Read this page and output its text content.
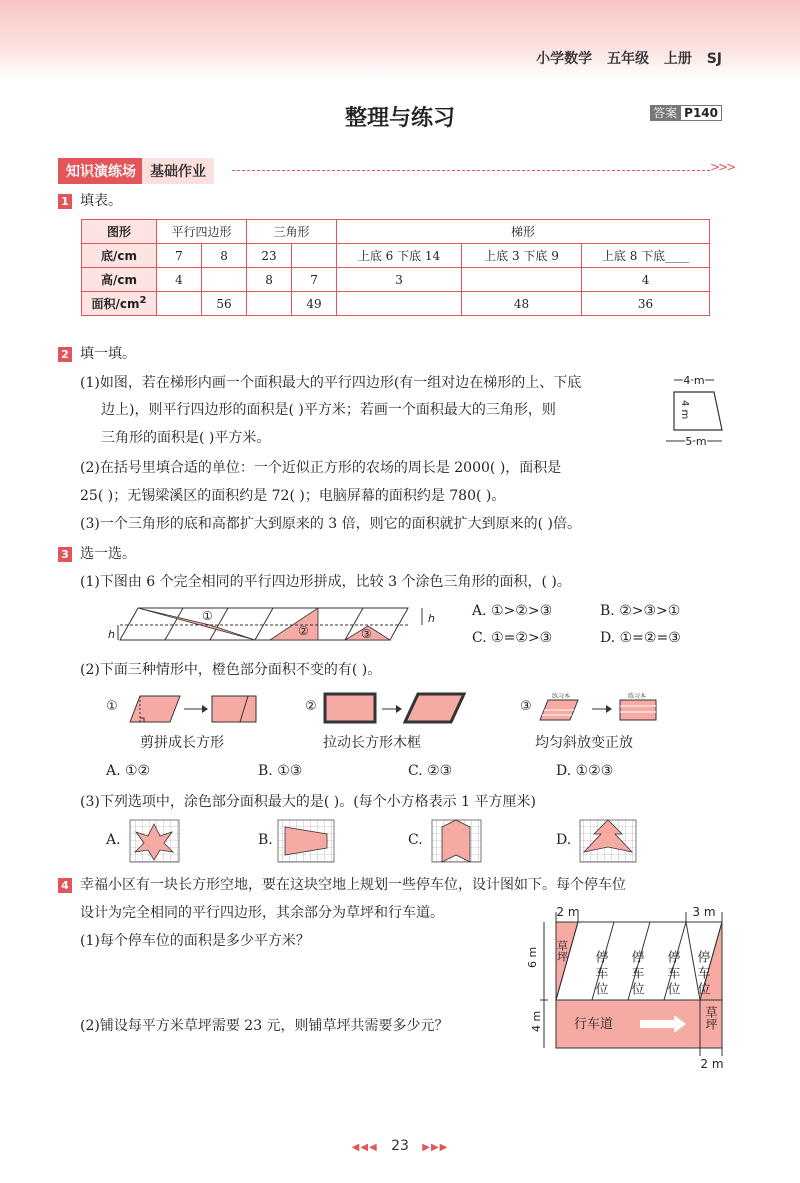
小学数学 五年级 上册 SJ
整理与练习	答案 P140
知识演练场 基础作业	>>>
1 填表。
图形	平行四边形		三角形		梯形		
底/cm	7	8	23		上底 6 下底 14	上底 3 下底 9	上底 8 下底____
高/cm	4		8	7	3		4
面积$/cm^2$		56		49		48	36
2 填一填。
(1)如图，若在梯形内画一个面积最大的平行四边形(有一组对边在梯形的上、下底
边上)，则平行四边形的面积是( )平方米；若画一个面积最大的三角形，则
三角形的面积是( )平方米。
4 m
4 m
5 m
(2)在括号里填合适的单位：一个近似正方形的农场的周长是 2000( )，面积是
25( )；无锡梁溪区的面积约是 72( )；电脑屏幕的面积约是 780( )。
(3)一个三角形的底和高都扩大到原来的 3 倍，则它的面积就扩大到原来的( )倍。
3 选一选。
(1)下图由 6 个完全相同的平行四边形拼成，比较 3 个涂色三角形的面积，( )。
h
h
①
②	③
A. ①>②>③	B. ②>③>①
C. ①=②>③	D. ①=②=③
(2)下面三种情形中，橙色部分面积不变的有( )。
①	②	③
练习本	练习本
剪拼成长方形	拉动长方形木框	均匀斜放变正放
A. ①②	B. ①③	C. ②③	D. ①②③
(3)下列选项中，涂色部分面积最大的是( )。(每个小方格表示 1 平方厘米)
A.	B.	C.	D.
4 幸福小区有一块长方形空地，要在这块空地上规划一些停车位，设计图如下。每个停车位
设计为完全相同的平行四边形，其余部分为草坪和行车道。
(1)每个停车位的面积是多少平方米？
(2)铺设每平方米草坪需要 23 元，则铺草坪共需要多少元？
2 m	3 m
草坪 停车位 停车位 停车位 停车位
行车道	草坪
6 m
4 m
2 m
◀◀◀ 23 ▶▶▶
